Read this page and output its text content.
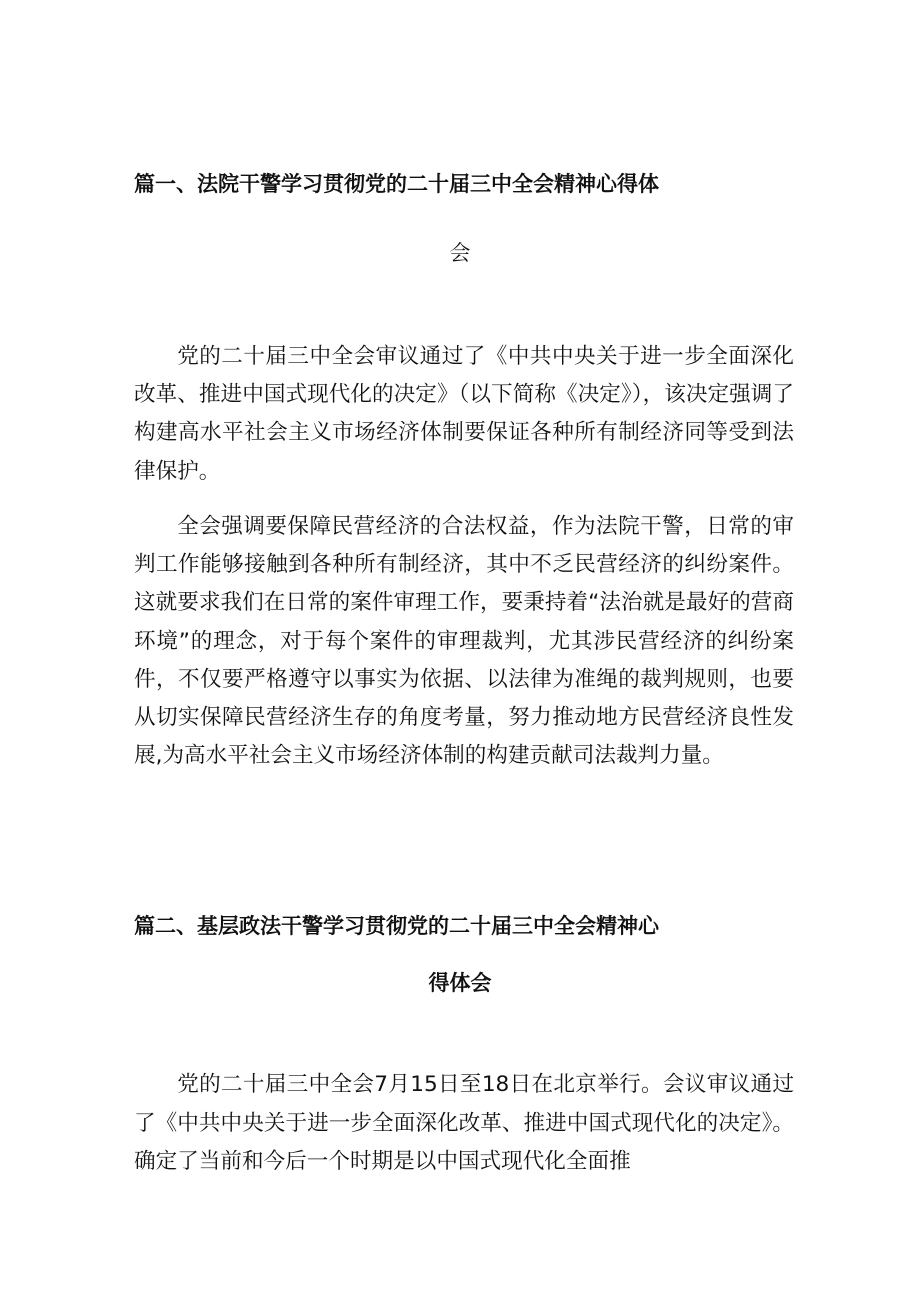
篇一、法院干警学习贯彻党的二十届三中全会精神心得体
会

党的二十届三中全会审议通过了《中共中央关于进一步全面深化改革、推进中国式现代化的决定》（以下简称《决定》），该决定强调了构建高水平社会主义市场经济体制要保证各种所有制经济同等受到法律保护。

全会强调要保障民营经济的合法权益，作为法院干警，日常的审判工作能够接触到各种所有制经济，其中不乏民营经济的纠纷案件。这就要求我们在日常的案件审理工作，要秉持着“法治就是最好的营商环境”的理念，对于每个案件的审理裁判，尤其涉民营经济的纠纷案件，不仅要严格遵守以事实为依据、以法律为准绳的裁判规则，也要从切实保障民营经济生存的角度考量，努力推动地方民营经济良性发展,为高水平社会主义市场经济体制的构建贡献司法裁判力量。

篇二、基层政法干警学习贯彻党的二十届三中全会精神心
得体会

党的二十届三中全会7月15日至18日在北京举行。会议审议通过了《中共中央关于进一步全面深化改革、推进中国式现代化的决定》。确定了当前和今后一个时期是以中国式现代化全面推
